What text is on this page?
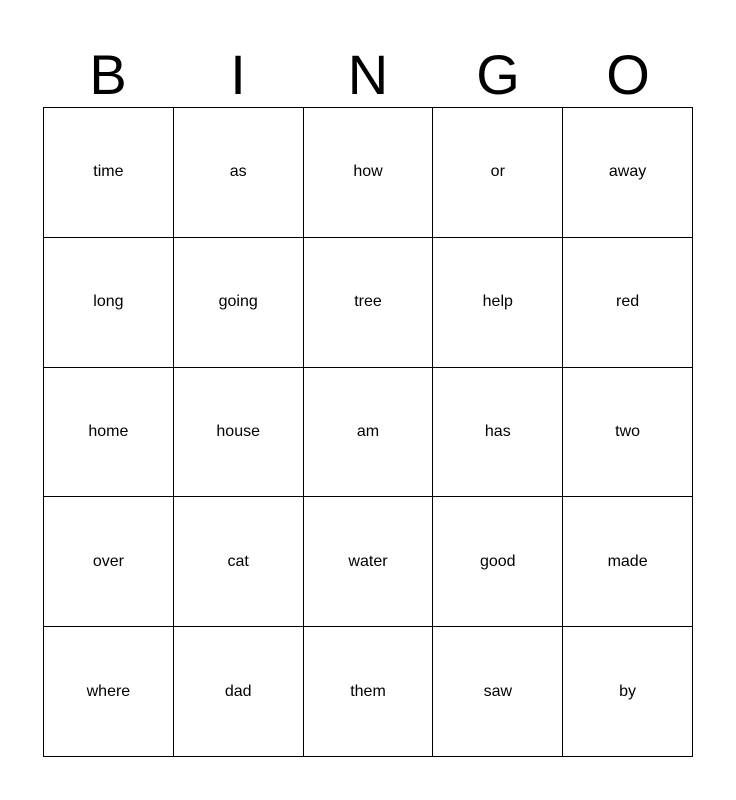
B	I	N	G	O
time	as	how	or	away
long	going	tree	help	red
home	house	am	has	two
over	cat	water	good	made
where	dad	them	saw	by
